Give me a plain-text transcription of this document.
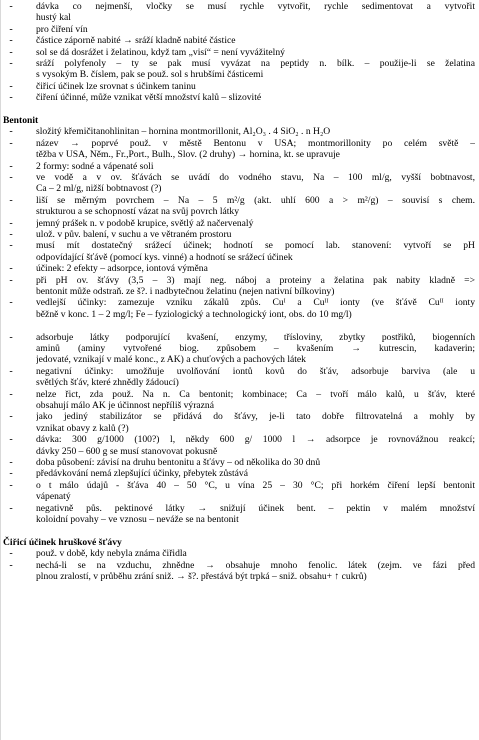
-	dávka co nejmenší, vločky se musí rychle vytvořit, rychle sedimentovat a vytvořit
hustý kal
-	pro čiření vín
-	částice záporně nabité → sráží kladně nabité částice
-	sol se dá dosrážet i želatinou, když tam „visí“ = není vyvážitelný
-	sráží polyfenoly – ty se pak musí vyvázat na peptidy n. bílk. – použije-li se želatina
s vysokým B. číslem, pak se použ. sol s hrubšími částicemi
-	čiřicí účinek lze srovnat s účinkem taninu
-	čiření účinné, může vznikat větší množství kalů – slizovité
Bentonit
-	složitý křemičitanohlinitan – hornina montmorillonit, Al₂O₃ . 4 SiO₂ . n H₂O
-	název → poprvé použ. v městě Bentonu v USA; montmorillonity po celém světě –
těžba v USA, Něm., Fr.,Port., Bulh., Slov. (2 druhy) → hornina, kt. se upravuje
-	2 formy: sodné a vápenaté soli
-	ve vodě a v ov. šťávách se uvádí do vodného stavu, Na – 100 ml/g, vyšší bobtnavost,
Ca – 2 ml/g, nižší bobtnavost (?)
-	liší se měrným povrchem – Na – 5 m²/g (akt. uhlí 600 a > m²/g) – souvisí s chem.
strukturou a se schopností vázat na svůj povrch látky
-	jemný prášek n. v podobě krupice, světlý až načervenalý
-	ulož. v pův. balení, v suchu a ve větraném prostoru
-	musí mít dostatečný srážecí účinek; hodnotí se pomocí lab. stanovení: vytvoří se pH
odpovídající šťávě (pomocí kys. vinné) a hodnotí se srážecí účinek
-	účinek: 2 efekty – adsorpce, iontová výměna
-	při pH ov. šťávy (3,5 – 3) mají neg. náboj a proteiny a želatina pak nabity kladně =>
bentonit může odstraň. ze š?. i nadbytečnou želatinu (nejen nativní bílkoviny)
-	vedlejší účinky: zamezuje vzniku zákalů způs. Cuᴵ a Cuᴵᴵ ionty (ve šťávě Cuᴵᴵ ionty
běžně v konc. 1 – 2 mg/l; Fe – fyziologický a technologický iont, obs. do 10 mg/l)
-	adsorbuje látky podporující kvašení, enzymy, třísloviny, zbytky postřiků, biogenních
aminů (aminy vytvořené biog. způsobem – kvašením → kutrescin, kadaverin;
jedovaté, vznikají v malé konc., z AK) a chuťových a pachových látek
-	negativní účinky: umožňuje uvolňování iontů kovů do šťáv, adsorbuje barviva (ale u
světlých šťáv, které zhnědly žádoucí)
-	nelze řict, zda použ. Na n. Ca bentonit; kombinace; Ca – tvoří málo kalů, u šťáv, které
obsahují málo AK je účinnost nepříliš výrazná
-	jako jediný stabilizátor se přidává do šťávy, je-li tato dobře filtrovatelná a mohly by
vznikat obavy z kalů (?)
-	dávka: 300 g/1000 (100?) l, někdy 600 g/ 1000 l → adsorpce je rovnovážnou reakcí;
dávky 250 – 600 g se musí stanovovat pokusně
-	doba působení: závisí na druhu bentonitu a šťávy – od několika do 30 dnů
-	předávkování nemá zlepšující účinky, přebytek zůstává
-	o t málo údajů - šťáva 40 – 50 °C, u vína 25 – 30 °C; při horkém čiření lepší bentonit
vápenatý
-	negativně půs. pektinové látky → snižují účinek bent. – pektin v malém množství
koloidní povahy – ve vznosu – neváže se na bentonit
Čiřicí účinek hruškové šťávy
-	použ. v době, kdy nebyla známa čiřidla
-	nechá-li se na vzduchu, zhnědne → obsahuje mnoho fenolic. látek (zejm. ve fázi před
plnou zralostí, v průběhu zrání sniž. → š?. přestává být trpká – sniž. obsahu+ ↑ cukrů)
